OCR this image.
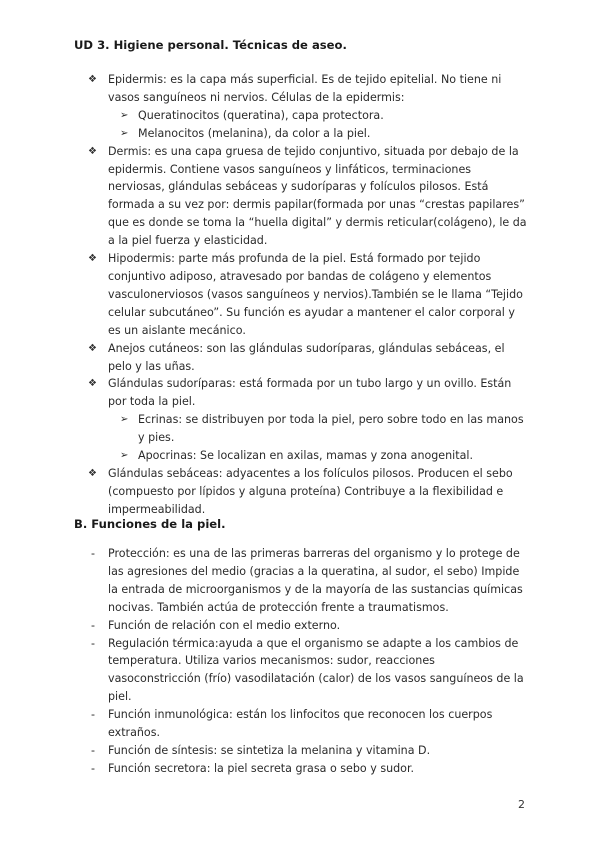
UD 3. Higiene personal. Técnicas de aseo.
❖ Epidermis: es la capa más superficial. Es de tejido epitelial. No tiene ni vasos sanguíneos ni nervios. Células de la epidermis:
➢ Queratinocitos (queratina), capa protectora.
➢ Melanocitos (melanina), da color a la piel.
❖ Dermis: es una capa gruesa de tejido conjuntivo, situada por debajo de la epidermis. Contiene vasos sanguíneos y linfáticos, terminaciones nerviosas, glándulas sebáceas y sudoríparas y folículos pilosos. Está formada a su vez por: dermis papilar(formada por unas “crestas papilares” que es donde se toma la “huella digital” y dermis reticular(colágeno), le da a la piel fuerza y elasticidad.
❖ Hipodermis: parte más profunda de la piel. Está formado por tejido conjuntivo adiposo, atravesado por bandas de colágeno y elementos vasculonerviosos (vasos sanguíneos y nervios).También se le llama “Tejido celular subcutáneo”. Su función es ayudar a mantener el calor corporal y es un aislante mecánico.
❖ Anejos cutáneos: son las glándulas sudoríparas, glándulas sebáceas, el pelo y las uñas.
❖ Glándulas sudoríparas: está formada por un tubo largo y un ovillo. Están por toda la piel.
➢ Ecrinas: se distribuyen por toda la piel, pero sobre todo en las manos y pies.
➢ Apocrinas: Se localizan en axilas, mamas y zona anogenital.
❖ Glándulas sebáceas: adyacentes a los folículos pilosos. Producen el sebo (compuesto por lípidos y alguna proteína) Contribuye a la flexibilidad e impermeabilidad.
B. Funciones de la piel.
- Protección: es una de las primeras barreras del organismo y lo protege de las agresiones del medio (gracias a la queratina, al sudor, el sebo) Impide la entrada de microorganismos y de la mayoría de las sustancias químicas nocivas. También actúa de protección frente a traumatismos.
- Función de relación con el medio externo.
- Regulación térmica:ayuda a que el organismo se adapte a los cambios de temperatura. Utiliza varios mecanismos: sudor, reacciones vasoconstricción (frío) vasodilatación (calor) de los vasos sanguíneos de la piel.
- Función inmunológica: están los linfocitos que reconocen los cuerpos extraños.
- Función de síntesis: se sintetiza la melanina y vitamina D.
- Función secretora: la piel secreta grasa o sebo y sudor.
2
